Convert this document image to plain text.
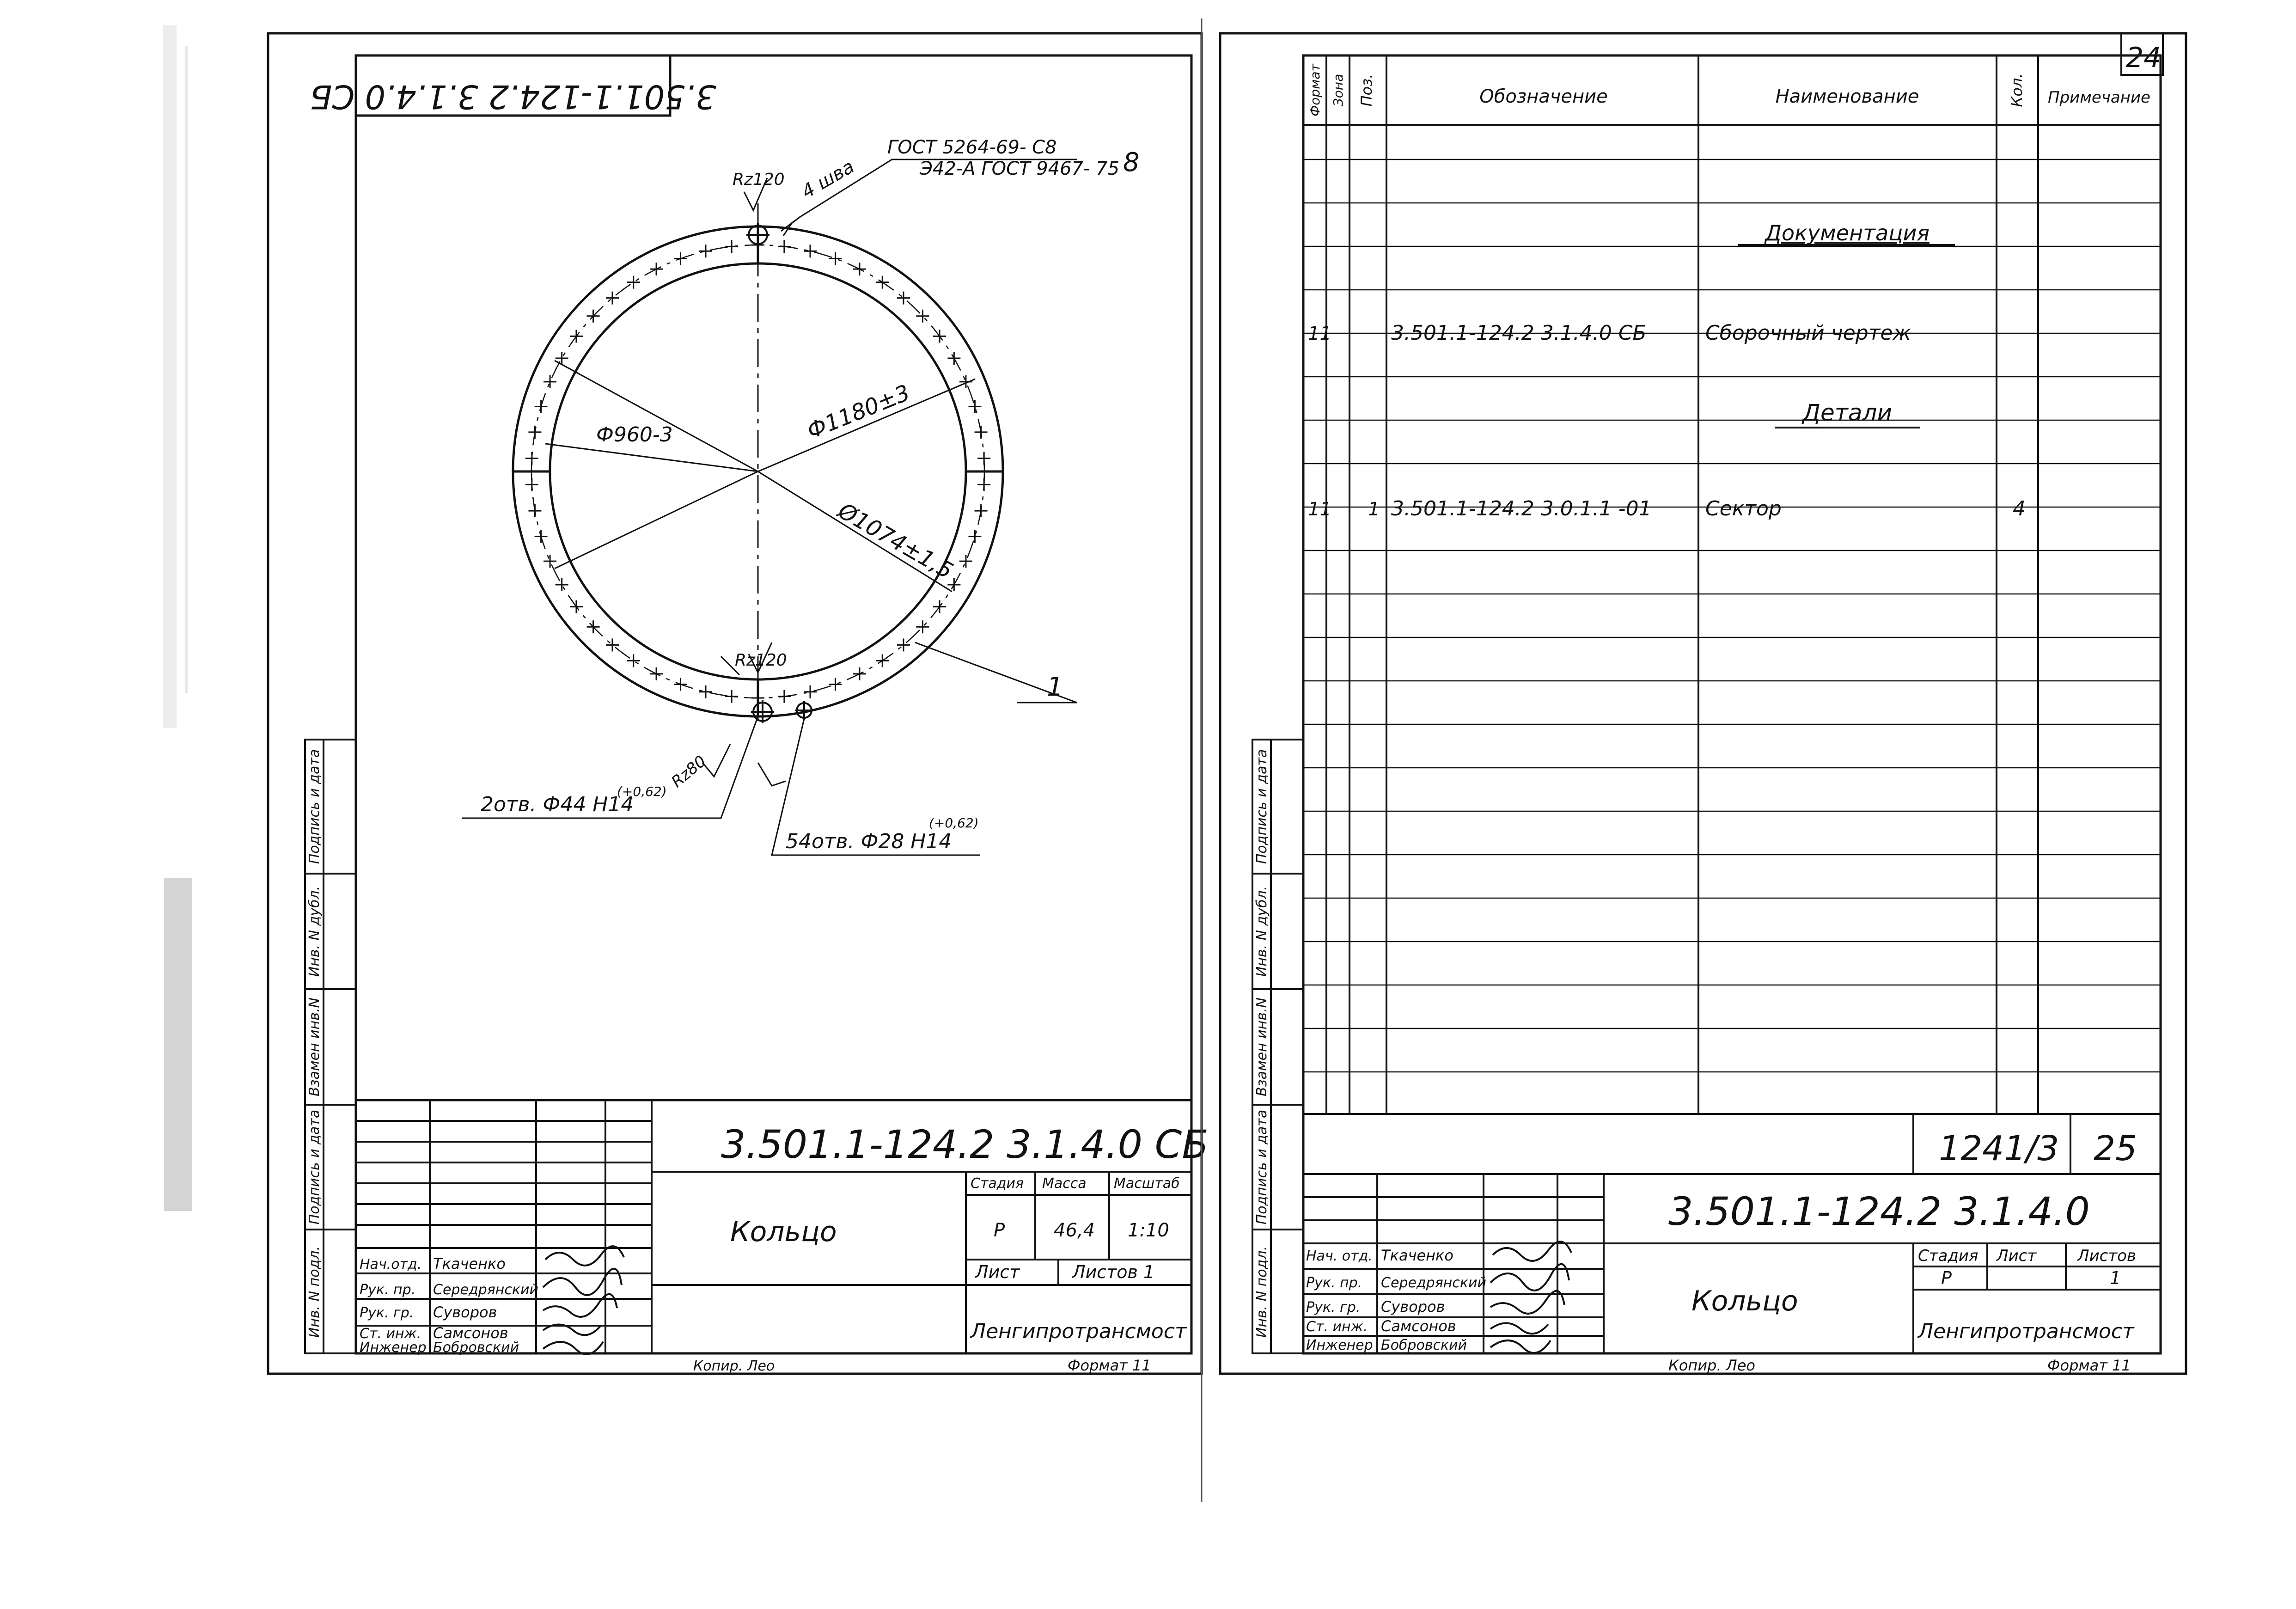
3.501.1-124.2 3.1.4.0 СБ
ГОСТ 5264-69- С8
Э42-А ГОСТ 9467- 75
4 шва	8
Rz120
Rz120
Rz80
Ф960-3	Ф1180±3
Ø1074±1,5
1
2отв. Ф44 Н14
(+0,62)
54отв. Ф28 Н14
(+0,62)
Инв. N подл.
Подпись и дата
Взамен инв.N
Инв. N дубл.
Подпись и дата
3.501.1-124.2 3.1.4.0 СБ
Кольцо
Стадия Масса Масштаб
Р	46,4 1:10
Лист	Листов 1
Ленгипротрансмост
Нач.отд. Ткаченко
Рук. пр. Середрянский
Рук. гр. Суворов
Ст. инж. Самсонов
Инженер Бобровский
Копир. Лео	Формат 11
24
Формат Зона Поз.	Обозначение	Наименование	Кол. Примечание
Документация
Детали
11	3.501.1-124.2 3.1.4.0 СБ	Сборочный чертеж
11 1 3.501.1-124.2 3.0.1.1 -01	Сектор	4
1241/3 25
Инв. N подл.
Подпись и дата
Взамен инв.N
Инв. N дубл.
Подпись и дата
3.501.1-124.2 3.1.4.0
Кольцо
Стадия Лист	Листов
Р	1
Ленгипротрансмост
Нач. отд. Ткаченко
Рук. пр. Середрянский
Рук. гр. Суворов
Ст. инж. Самсонов
Инженер Бобровский
Копир. Лео	Формат 11
